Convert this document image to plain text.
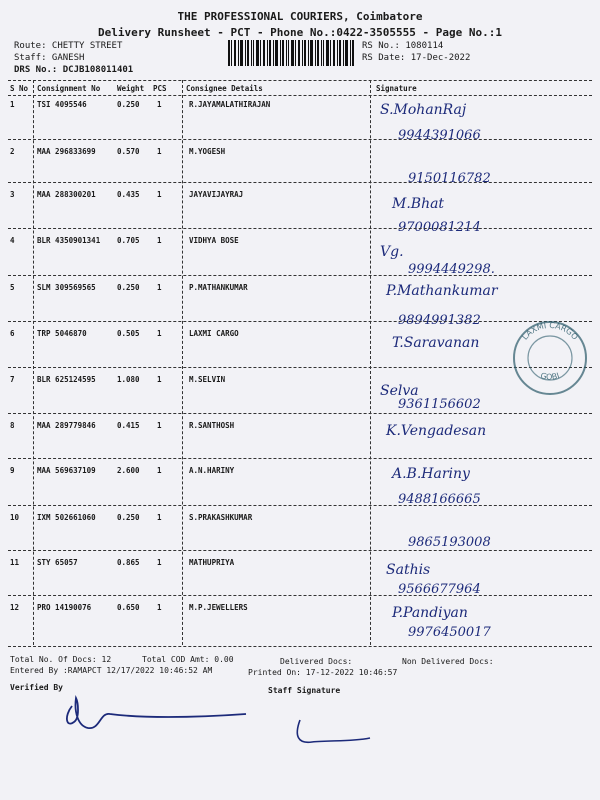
THE PROFESSIONAL COURIERS, Coimbatore
Delivery Runsheet - PCT - Phone No.:0422-3505555 - Page No.:1
Route: CHETTY STREET
Staff: GANESH
DRS No.: DCJB108011401
RS No.: 1080114
RS Date: 17-Dec-2022
S No Consignment No Weight PCS	Consignee Details	Signature
1	TSI 4095546	0.250 1	R.JAYAMALATHIRAJAN	S.MohanRaj
9944391066
2	MAA 296833699	0.570 1	M.YOGESH
9150116782
3	MAA 288300201	0.435 1	JAYAVIJAYRAJ
M.Bhat
9700081214
4	BLR 4350901341 0.705 1	VIDHYA BOSE
Vg.
9994449298.
5	SLM 309569565	0.250 1	P.MATHANKUMAR	P.Mathankumar
9894991382
6	TRP 5046870	0.505 1	LAXMI CARGO
T.Saravanan
7	BLR 625124595	1.080 1	M.SELVIN
Selva
9361156602
8	MAA 289779846	0.415 1	R.SANTHOSH	K.Vengadesan
9	MAA 569637109	2.600 1	A.N.HARINY	A.B.Hariny
9488166665
10 IXM 502661060	0.250 1	S.PRAKASHKUMAR
9865193008
11 STY 65057	0.865 1	MATHUPRIYA	Sathis
9566677964
12 PRO 14190076	0.650 1	M.P.JEWELLERS	P.Pandiyan
9976450017
LAXMI CARGO
GOBI
Total No. Of Docs: 12	Total COD Amt: 0.00	Delivered Docs:	Non Delivered Docs:
Entered By :RAMAPCT 12/17/2022 10:46:52 AM	Printed On: 17-12-2022 10:46:57
Verified By	Staff Signature
